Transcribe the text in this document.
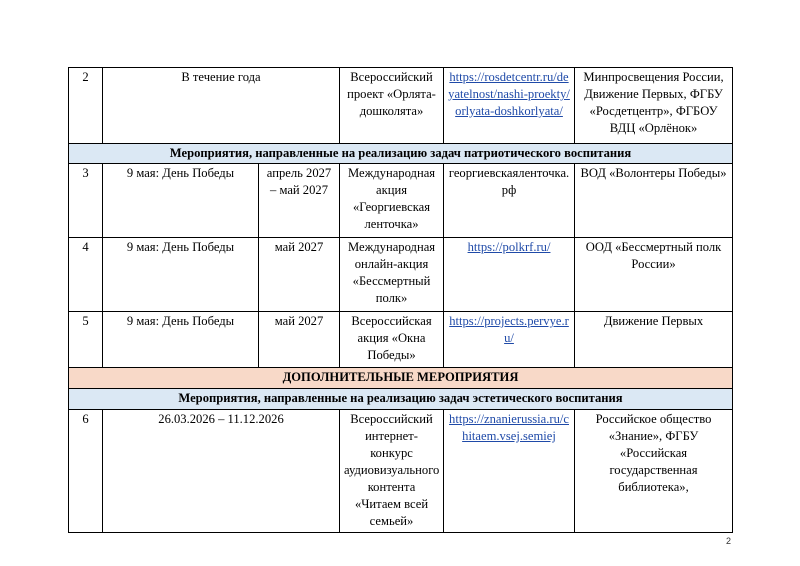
2	В течение года		Всероссийский проект «Орлята-дошколята»	https://rosdetcentr.ru/deyatelnost/nashi-proekty/orlyata-doshkorlyata/	Минпросвещения России, Движение Первых, ФГБУ «Росдетцентр», ФГБОУ ВДЦ «Орлёнок»
Мероприятия, направленные на реализацию задач патриотического воспитания					
3	9 мая: День Победы	апрель 2027 – май 2027	Международная акция «Георгиевская ленточка»	георгиевскаяленточка.рф	ВОД «Волонтеры Победы»
4	9 мая: День Победы	май 2027	Международная онлайн-акция «Бессмертный полк»	https://polkrf.ru/	ООД «Бессмертный полк России»
5	9 мая: День Победы	май 2027	Всероссийская акция «Окна Победы»	https://projects.pervye.ru/	Движение Первых
ДОПОЛНИТЕЛЬНЫЕ МЕРОПРИЯТИЯ					
Мероприятия, направленные на реализацию задач эстетического воспитания					
6	26.03.2026 – 11.12.2026		Всероссийский интернет-конкурс аудиовизуального контента «Читаем всей семьей»	https://znanierussia.ru/chitaem.vsej.semiej	Российское общество «Знание», ФГБУ «Российская государственная библиотека»,
2
